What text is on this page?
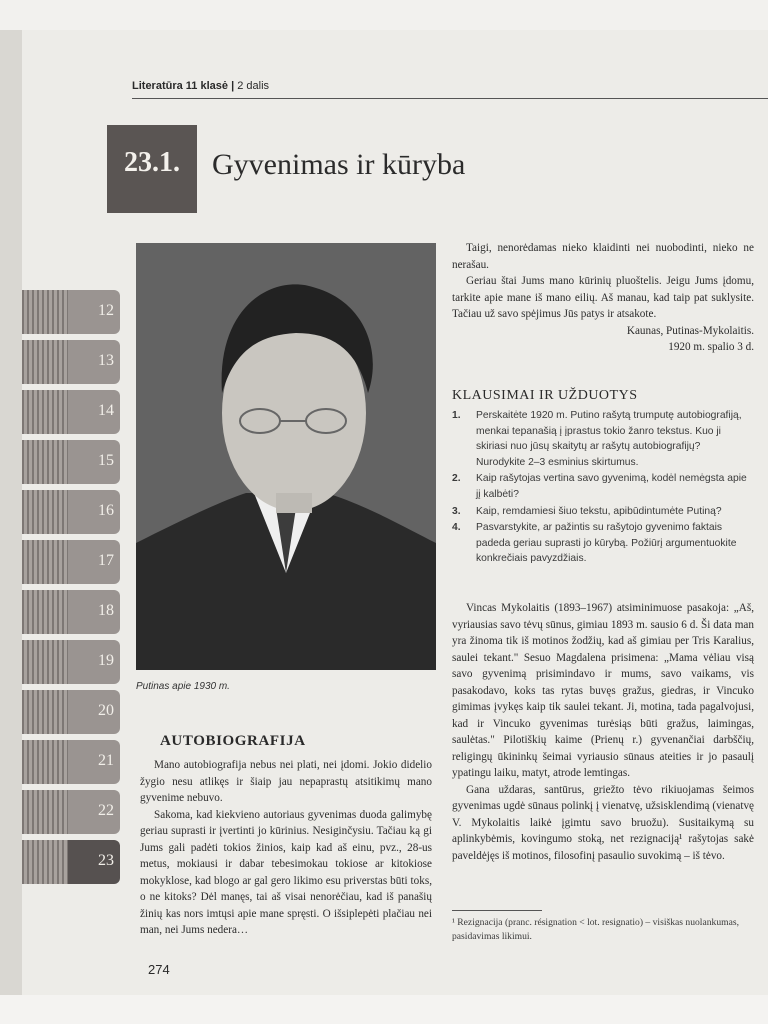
Literatūra 11 klasė | 2 dalis
23.1.	Gyvenimas ir kūryba
12
13
14
15
16
17
18
19
20
21
22
23
Putinas apie 1930 m.

Taigi, nenorėdamas nieko klaidinti nei nuobodinti, nieko ne nerašau.

Geriau štai Jums mano kūrinių pluoštelis. Jeigu Jums įdomu, tarkite apie mane iš mano eilių. Aš manau, kad taip pat suklysite. Tačiau už savo spėjimus Jūs patys ir atsakote.

Kaunas, Putinas-Mykolaitis.
1920 m. spalio 3 d.
KLAUSIMAI IR UŽDUOTYS
1. Perskaitėte 1920 m. Putino rašytą trumputę autobiografiją, menkai tepanašią į įprastus tokio žanro tekstus. Kuo ji skiriasi nuo jūsų skaitytų ar rašytų autobiografijų? Nurodykite 2–3 esminius skirtumus.
2. Kaip rašytojas vertina savo gyvenimą, kodėl nemėgsta apie jį kalbėti?
3. Kaip, remdamiesi šiuo tekstu, apibūdintumėte Putiną?
4. Pasvarstykite, ar pažintis su rašytojo gyvenimo faktais padeda geriau suprasti jo kūrybą. Požiūrį argumentuokite konkrečiais pavyzdžiais.

Vincas Mykolaitis (1893–1967) atsiminimuose pasakoja: „Aš, vyriausias savo tėvų sūnus, gimiau 1893 m. sausio 6 d. Ši data man yra žinoma tik iš motinos žodžių, kad aš gimiau per Tris Karalius, saulei tekant." Sesuo Magdalena prisimena: „Mama vėliau visą savo gyvenimą prisimindavo ir mums, savo vaikams, vis pasakodavo, koks tas rytas buvęs gražus, giedras, ir Vincuko gimimas įvykęs kaip tik saulei tekant. Ji, motina, tada pagalvojusi, kad ir Vincuko gyvenimas turėsiąs būti gražus, laimingas, saulėtas." Pilotiškių kaime (Prienų r.) gyvenančiai darbščių, religingų ūkininkų šeimai vyriausio sūnaus ateities ir jo pasaulį ypatingu laiku, matyt, atrode lemtingas.

Gana uždaras, santūrus, griežto tėvo rikiuojamas šeimos gyvenimas ugdė sūnaus polinkį į vienatvę, užsisklendimą (vienatvę V. Mykolaitis laikė įgimtu savo bruožu). Susitaikymą su aplinkybėmis, kovingumo stoką, net rezignaciją¹ rašytojas sakė paveldėjęs iš motinos, filosofinį pasaulio suvokimą – iš tėvo.

AUTOBIOGRAFIJA

Mano autobiografija nebus nei plati, nei įdomi. Jokio didelio žygio nesu atlikęs ir šiaip jau nepaprastų atsitikimų mano gyvenime nebuvo.

Sakoma, kad kiekvieno autoriaus gyvenimas duoda galimybę geriau suprasti ir įvertinti jo kūrinius. Nesiginčysiu. Tačiau ką gi Jums gali padėti tokios žinios, kaip kad aš einu, pvz., 28-us metus, mokiausi ir dabar tebesimokau tokiose ar kitokiose mokyklose, kad blogo ar gal gero likimo esu priverstas būti toks, o ne kitoks? Dėl manęs, tai aš visai nenorėčiau, kad iš panašių žinių kas nors imtųsi apie mane spręsti. O išsiplepėti plačiau nei man, nei Jums nedera…

¹ Rezignacija (pranc. résignation < lot. resignatio) – visiškas nuolankumas, pasidavimas likimui.
274
